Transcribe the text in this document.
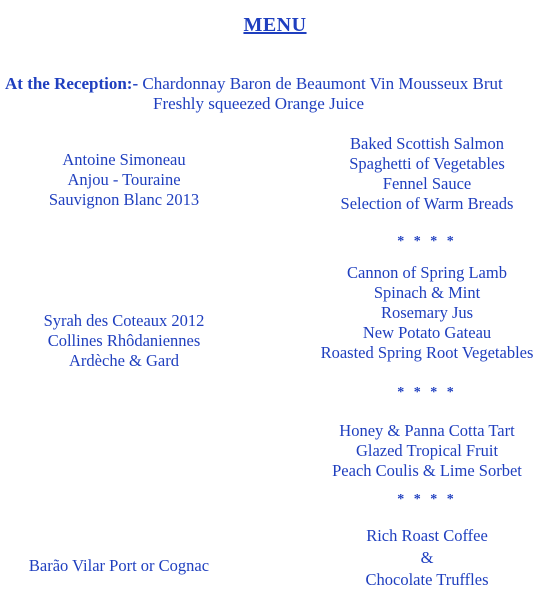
MENU
At the Reception:- Chardonnay Baron de Beaumont Vin Mousseux Brut
Freshly squeezed Orange Juice
Antoine Simoneau
Anjou - Touraine
Sauvignon Blanc 2013
Syrah des Coteaux 2012
Collines Rhôdaniennes
Ardèche & Gard
Barão Vilar Port or Cognac
Baked Scottish Salmon
Spaghetti of Vegetables
Fennel Sauce
Selection of Warm Breads
* * * *
Cannon of Spring Lamb
Spinach & Mint
Rosemary Jus
New Potato Gateau
Roasted Spring Root Vegetables
* * * *
Honey & Panna Cotta Tart
Glazed Tropical Fruit
Peach Coulis & Lime Sorbet
* * * *
Rich Roast Coffee
&
Chocolate Truffles
